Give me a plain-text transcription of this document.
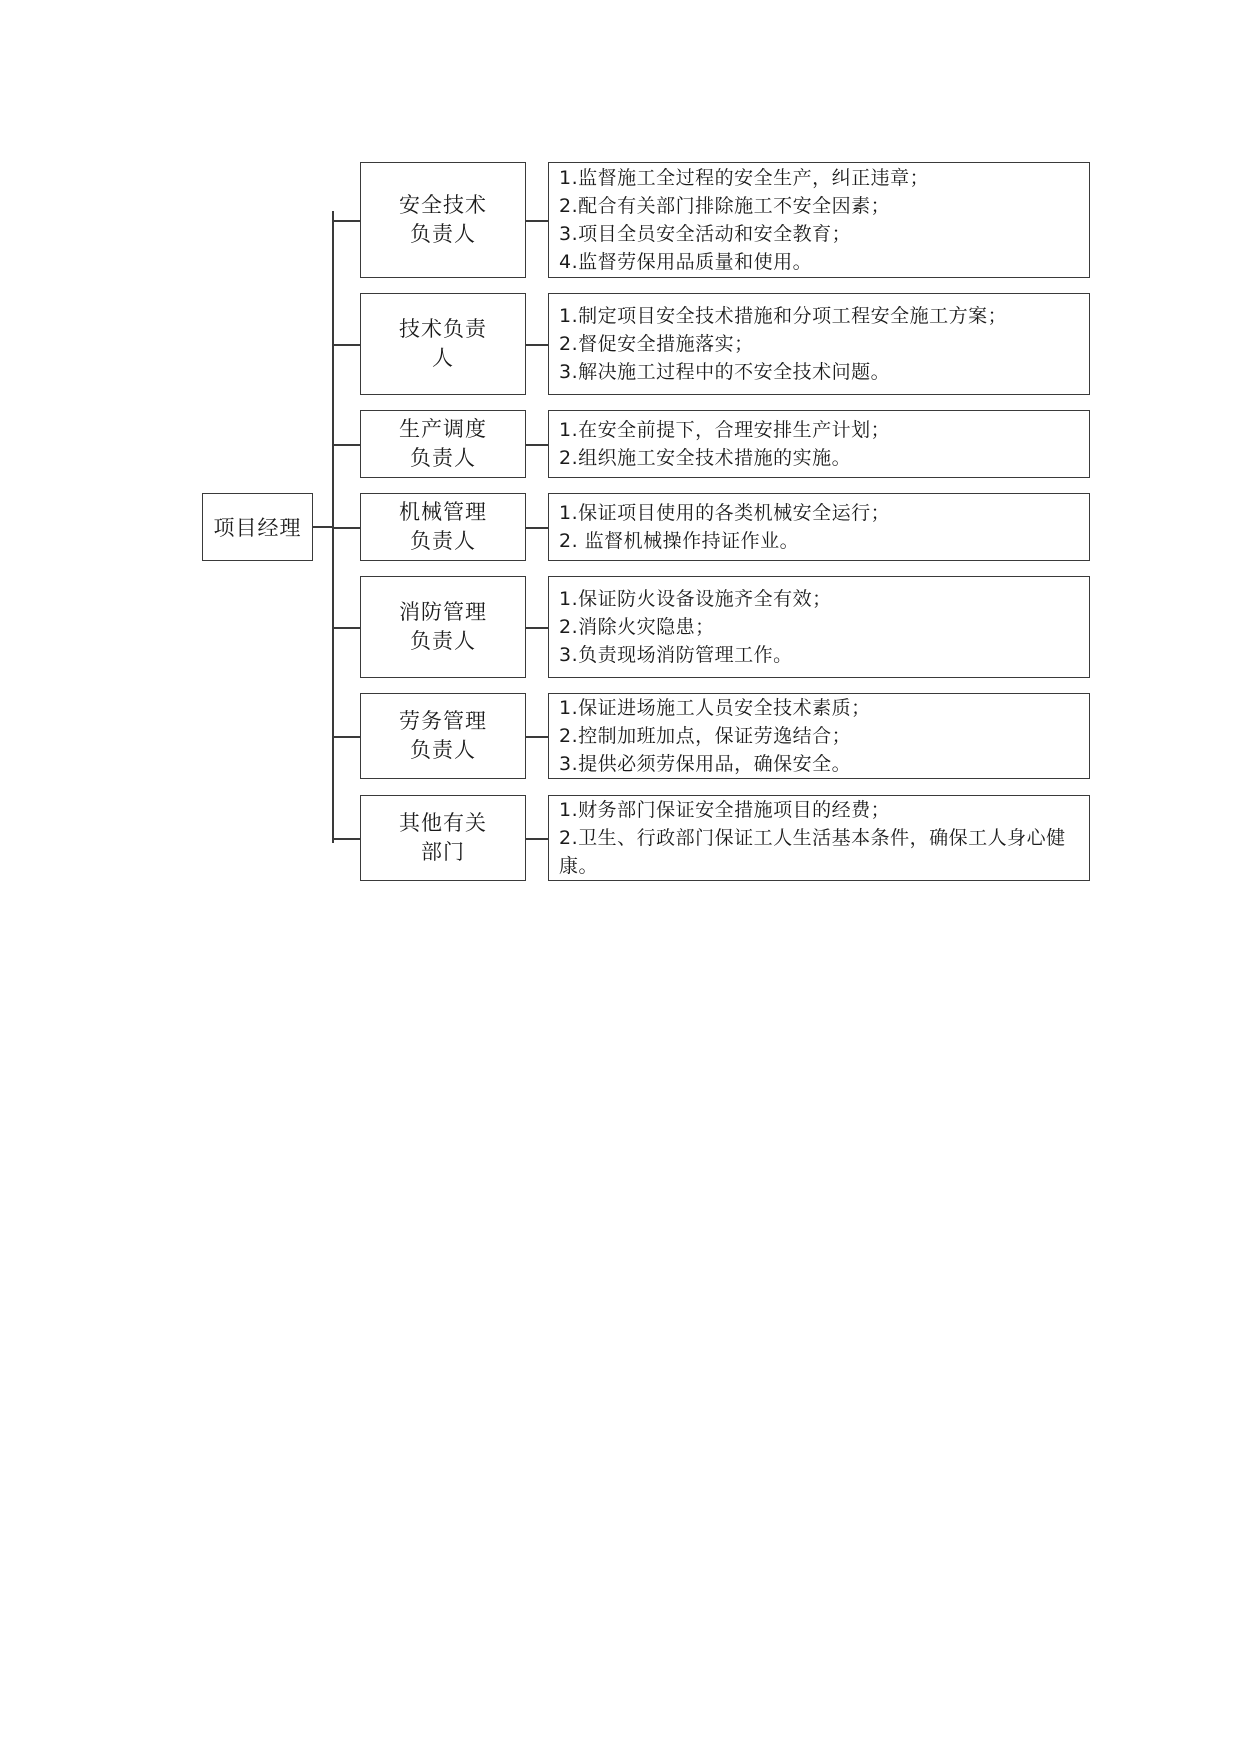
项目经理
安全技术负责人
1.监督施工全过程的安全生产，纠正违章；
2.配合有关部门排除施工不安全因素；
3.项目全员安全活动和安全教育；
4.监督劳保用品质量和使用。
技术负责人
1.制定项目安全技术措施和分项工程安全施工方案；
2.督促安全措施落实；
3.解决施工过程中的不安全技术问题。
生产调度负责人
1.在安全前提下，合理安排生产计划；
2.组织施工安全技术措施的实施。
机械管理负责人
1.保证项目使用的各类机械安全运行；
2. 监督机械操作持证作业。
消防管理负责人
1.保证防火设备设施齐全有效；
2.消除火灾隐患；
3.负责现场消防管理工作。
劳务管理负责人
1.保证进场施工人员安全技术素质；
2.控制加班加点，保证劳逸结合；
3.提供必须劳保用品，确保安全。
其他有关部门
1.财务部门保证安全措施项目的经费；
2.卫生、行政部门保证工人生活基本条件，确保工人身心健康。
